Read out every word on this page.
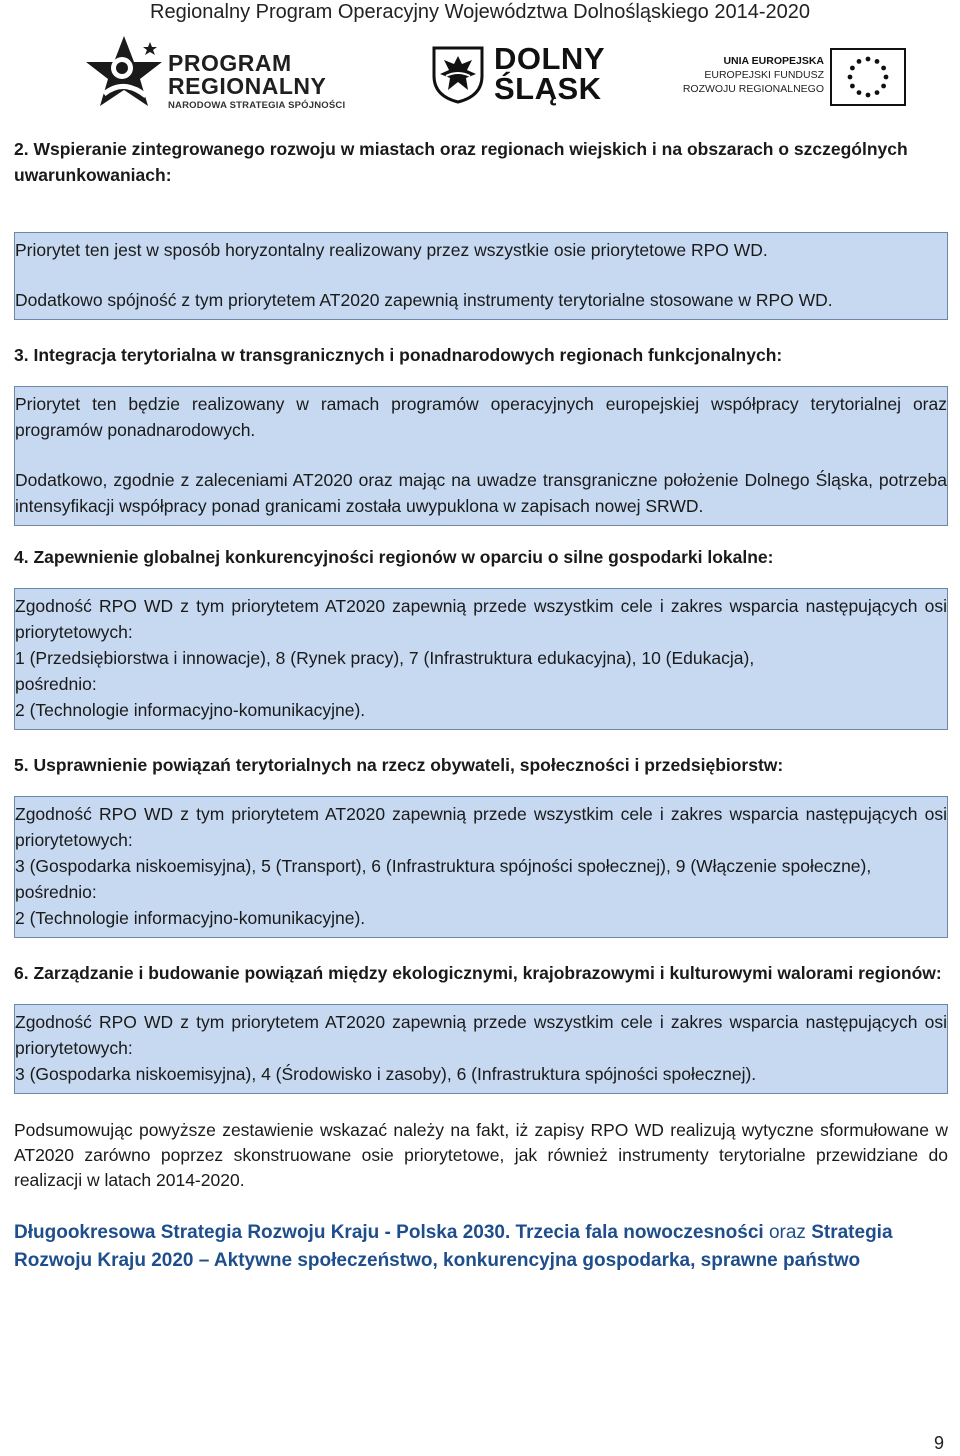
Regionalny Program Operacyjny Województwa Dolnośląskiego 2014-2020
PROGRAM
REGIONALNY
NARODOWA STRATEGIA SPÓJNOŚCI
DOLNY
ŚLĄSK
UNIA EUROPEJSKA
EUROPEJSKI FUNDUSZ
ROZWOJU REGIONALNEGO
2. Wspieranie zintegrowanego rozwoju w miastach oraz regionach wiejskich i na obszarach o szczególnych uwarunkowaniach:
Priorytet ten jest w sposób horyzontalny realizowany przez wszystkie osie priorytetowe RPO WD.
Dodatkowo spójność z tym priorytetem AT2020 zapewnią instrumenty terytorialne stosowane w RPO WD.
3. Integracja terytorialna w transgranicznych i ponadnarodowych regionach funkcjonalnych:
Priorytet ten będzie realizowany w ramach programów operacyjnych europejskiej współpracy terytorialnej oraz programów ponadnarodowych.
Dodatkowo, zgodnie z zaleceniami AT2020 oraz mając na uwadze transgraniczne położenie Dolnego Śląska, potrzeba intensyfikacji współpracy ponad granicami została uwypuklona w zapisach nowej SRWD.
4. Zapewnienie globalnej konkurencyjności regionów w oparciu o silne gospodarki lokalne:
Zgodność RPO WD z tym priorytetem AT2020 zapewnią przede wszystkim cele i zakres wsparcia następujących osi priorytetowych:
1 (Przedsiębiorstwa i innowacje), 8 (Rynek pracy), 7 (Infrastruktura edukacyjna), 10 (Edukacja),
pośrednio:
2 (Technologie informacyjno-komunikacyjne).
5. Usprawnienie powiązań terytorialnych na rzecz obywateli, społeczności i przedsiębiorstw:
Zgodność RPO WD z tym priorytetem AT2020 zapewnią przede wszystkim cele i zakres wsparcia następujących osi priorytetowych:
3 (Gospodarka niskoemisyjna), 5 (Transport), 6 (Infrastruktura spójności społecznej), 9 (Włączenie społeczne),
pośrednio:
2 (Technologie informacyjno-komunikacyjne).
6. Zarządzanie i budowanie powiązań między ekologicznymi, krajobrazowymi i kulturowymi walorami regionów:
Zgodność RPO WD z tym priorytetem AT2020 zapewnią przede wszystkim cele i zakres wsparcia następujących osi priorytetowych:
3 (Gospodarka niskoemisyjna), 4 (Środowisko i zasoby), 6 (Infrastruktura spójności społecznej).
Podsumowując powyższe zestawienie wskazać należy na fakt, iż zapisy RPO WD realizują wytyczne sformułowane w AT2020 zarówno poprzez skonstruowane osie priorytetowe, jak również instrumenty terytorialne przewidziane do realizacji w latach 2014-2020.
Długookresowa Strategia Rozwoju Kraju - Polska 2030. Trzecia fala nowoczesności oraz Strategia Rozwoju Kraju 2020 – Aktywne społeczeństwo, konkurencyjna gospodarka, sprawne państwo
9
